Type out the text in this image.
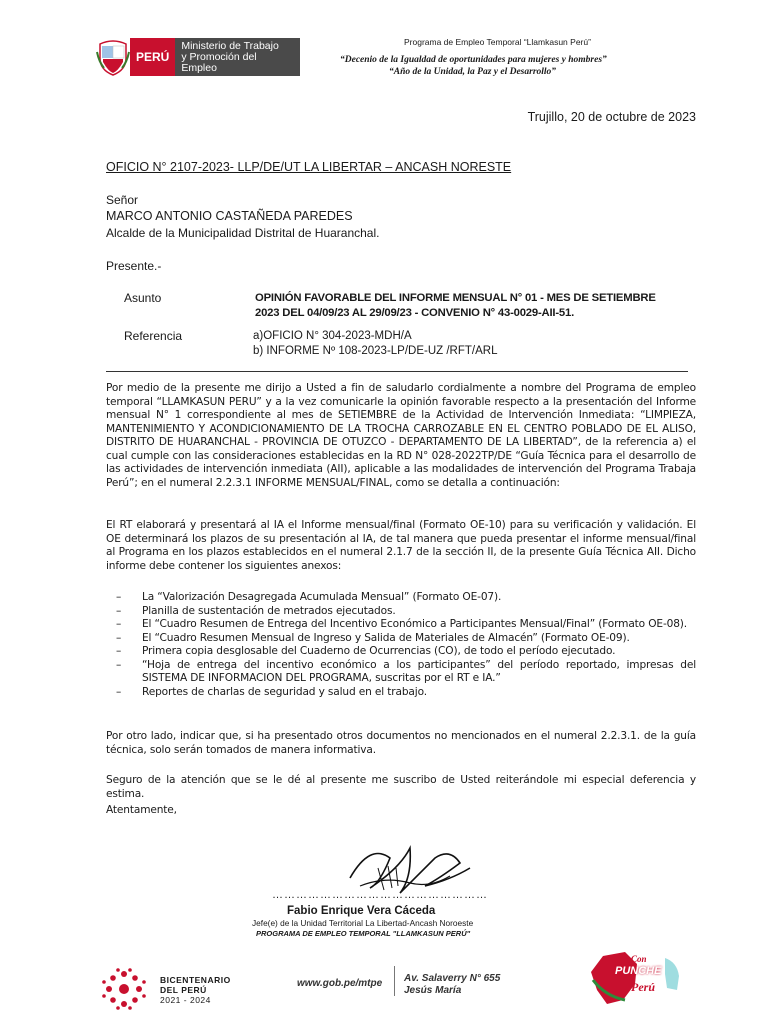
PERÚ
Ministerio de Trabajo
y Promoción del Empleo
Programa de Empleo Temporal “Llamkasun Perú”
“Decenio de la Igualdad de oportunidades para mujeres y hombres”
“Año de la Unidad, la Paz y el Desarrollo”
Trujillo, 20 de octubre de 2023
OFICIO N° 2107-2023- LLP/DE/UT LA LIBERTAR – ANCASH NORESTE
Señor
MARCO ANTONIO CASTAÑEDA PAREDES
Alcalde de la Municipalidad Distrital de Huaranchal.
Presente.-
Asunto	OPINIÓN FAVORABLE DEL INFORME MENSUAL N° 01 - MES DE SETIEMBRE
2023 DEL 04/09/23 AL 29/09/23 - CONVENIO N° 43-0029-AII-51.
Referencia	a)OFICIO N° 304-2023-MDH/A
b) INFORME Nº 108-2023-LP/DE-UZ /RFT/ARL
Por medio de la presente me dirijo a Usted a fin de saludarlo cordialmente a nombre del Programa de empleo temporal “LLAMKASUN PERU” y a la vez comunicarle la opinión favorable respecto a la presentación del Informe mensual N° 1 correspondiente al mes de SETIEMBRE de la Actividad de Intervención Inmediata: “LIMPIEZA, MANTENIMIENTO Y ACONDICIONAMIENTO DE LA TROCHA CARROZABLE EN EL CENTRO POBLADO DE EL ALISO, DISTRITO DE HUARANCHAL - PROVINCIA DE OTUZCO - DEPARTAMENTO DE LA LIBERTAD”, de la referencia a) el cual cumple con las consideraciones establecidas en la RD N° 028-2022TP/DE “Guía Técnica para el desarrollo de las actividades de intervención inmediata (AII), aplicable a las modalidades de intervención del Programa Trabaja Perú”; en el numeral 2.2.3.1 INFORME MENSUAL/FINAL, como se detalla a continuación:
El RT elaborará y presentará al IA el Informe mensual/final (Formato OE-10) para su verificación y validación. El OE determinará los plazos de su presentación al IA, de tal manera que pueda presentar el informe mensual/final al Programa en los plazos establecidos en el numeral 2.1.7 de la sección II, de la presente Guía Técnica AII. Dicho informe debe contener los siguientes anexos:
– La “Valorización Desagregada Acumulada Mensual” (Formato OE-07).
– Planilla de sustentación de metrados ejecutados.
– El “Cuadro Resumen de Entrega del Incentivo Económico a Participantes Mensual/Final” (Formato OE-08).
– El “Cuadro Resumen Mensual de Ingreso y Salida de Materiales de Almacén” (Formato OE-09).
– Primera copia desglosable del Cuaderno de Ocurrencias (CO), de todo el período ejecutado.
– “Hoja de entrega del incentivo económico a los participantes” del período reportado, impresas del SISTEMA DE INFORMACION DEL PROGRAMA, suscritas por el RT e IA.”
– Reportes de charlas de seguridad y salud en el trabajo.
Por otro lado, indicar que, si ha presentado otros documentos no mencionados en el numeral 2.2.3.1. de la guía técnica, solo serán tomados de manera informativa.
Seguro de la atención que se le dé al presente me suscribo de Usted reiterándole mi especial deferencia y estima.
Atentamente,
………………………………………………
Fabio Enrique Vera Cáceda
Jefe(e) de la Unidad Territorial La Libertad-Ancash Noroeste
PROGRAMA DE EMPLEO TEMPORAL "LLAMKASUN PERÚ"
BICENTENARIO
DEL PERÚ
2021 - 2024
www.gob.pe/mtpe Av. Salaverry N° 655
Jesús María
Con
PUNCHE
Perú
